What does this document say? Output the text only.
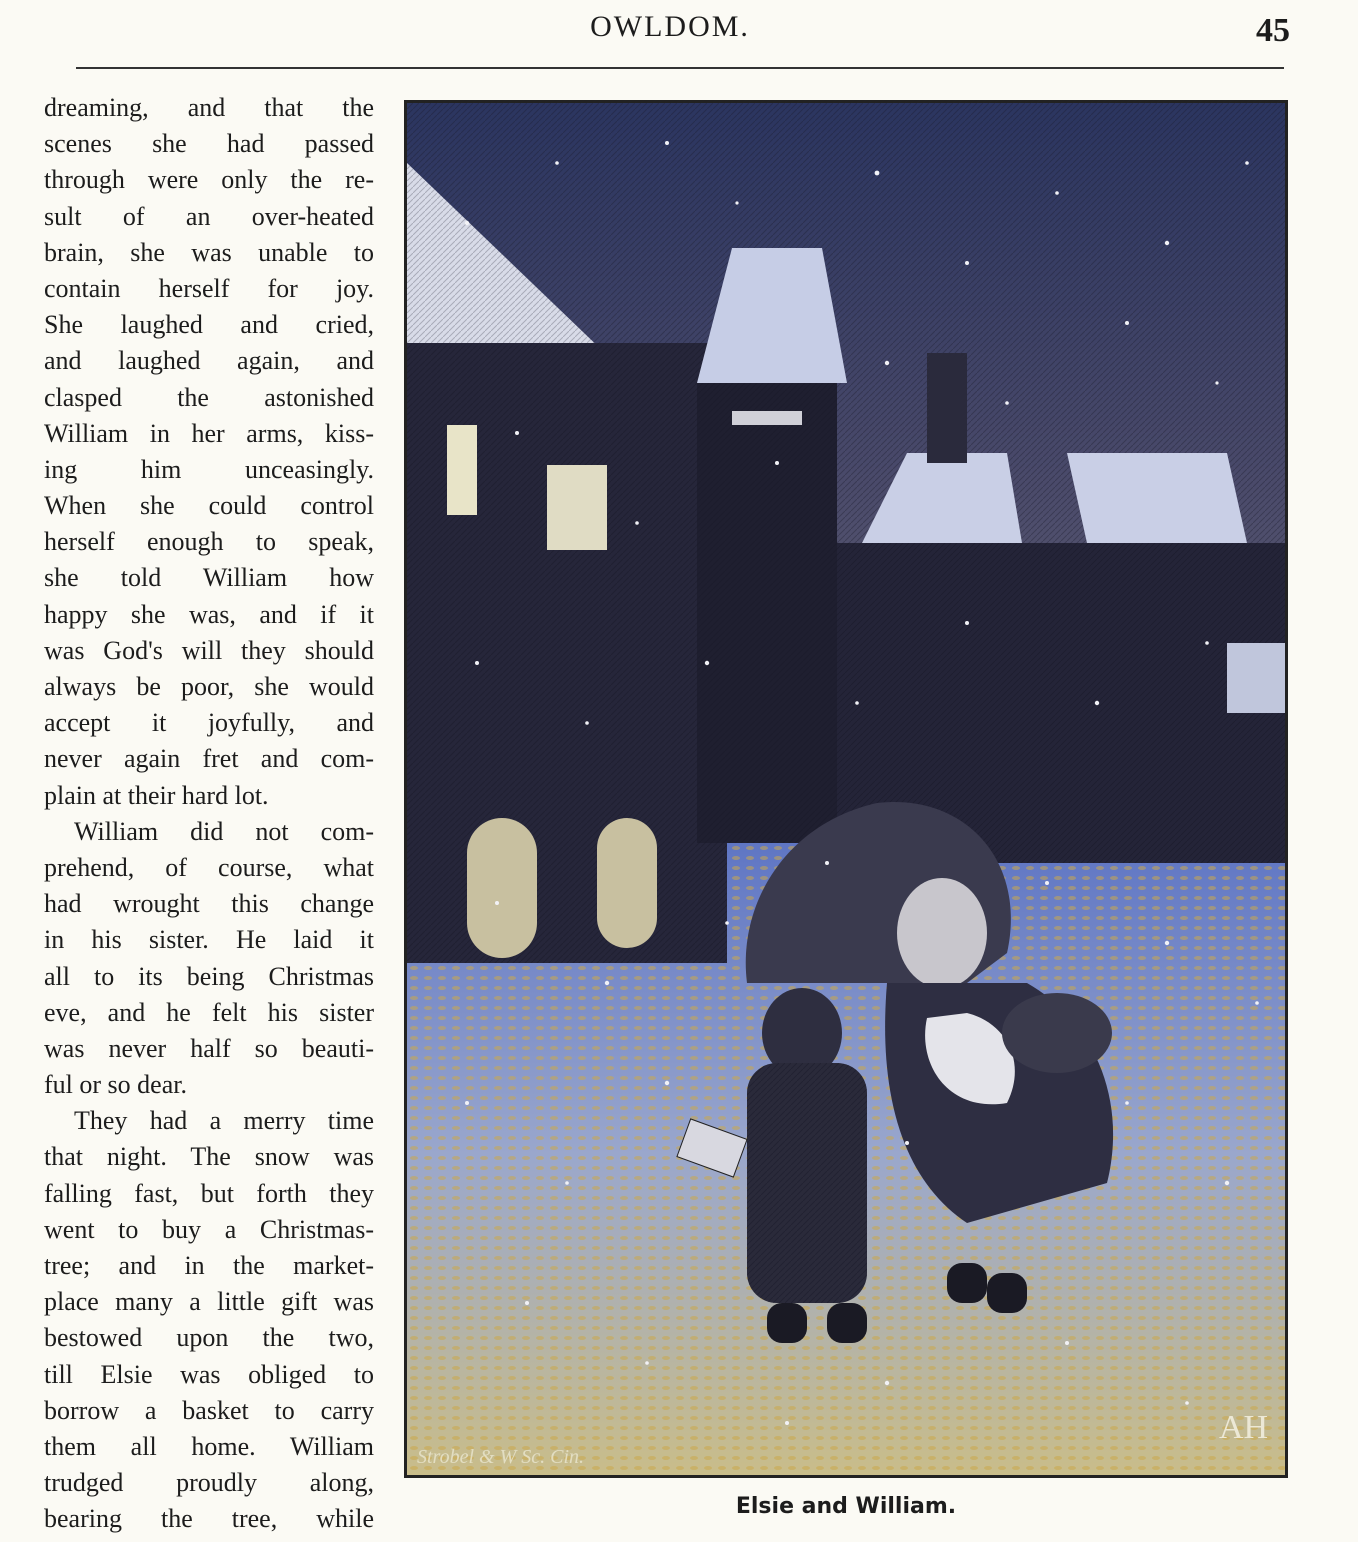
OWLDOM.	45
dreaming, and that the
scenes she had passed
through were only the re-
sult of an over-heated
brain, she was unable to
contain herself for joy.
She laughed and cried,
and laughed again, and
clasped the astonished
William in her arms, kiss-
ing him unceasingly.
When she could control
herself enough to speak,
she told William how
happy she was, and if it
was God's will they should
always be poor, she would
accept it joyfully, and
never again fret and com-
plain at their hard lot.
William did not com-
prehend, of course, what
had wrought this change
in his sister. He laid it
all to its being Christmas
eve, and he felt his sister
was never half so beauti-
ful or so dear.
They had a merry time
that night. The snow was
falling fast, but forth they
went to buy a Christmas-
tree; and in the market-
place many a little gift was
bestowed upon the two,
till Elsie was obliged to
borrow a basket to carry
them all home. William
trudged proudly along,
bearing the tree, while
Strobel & W Sc. Cin.
AH
Elsie and William.
